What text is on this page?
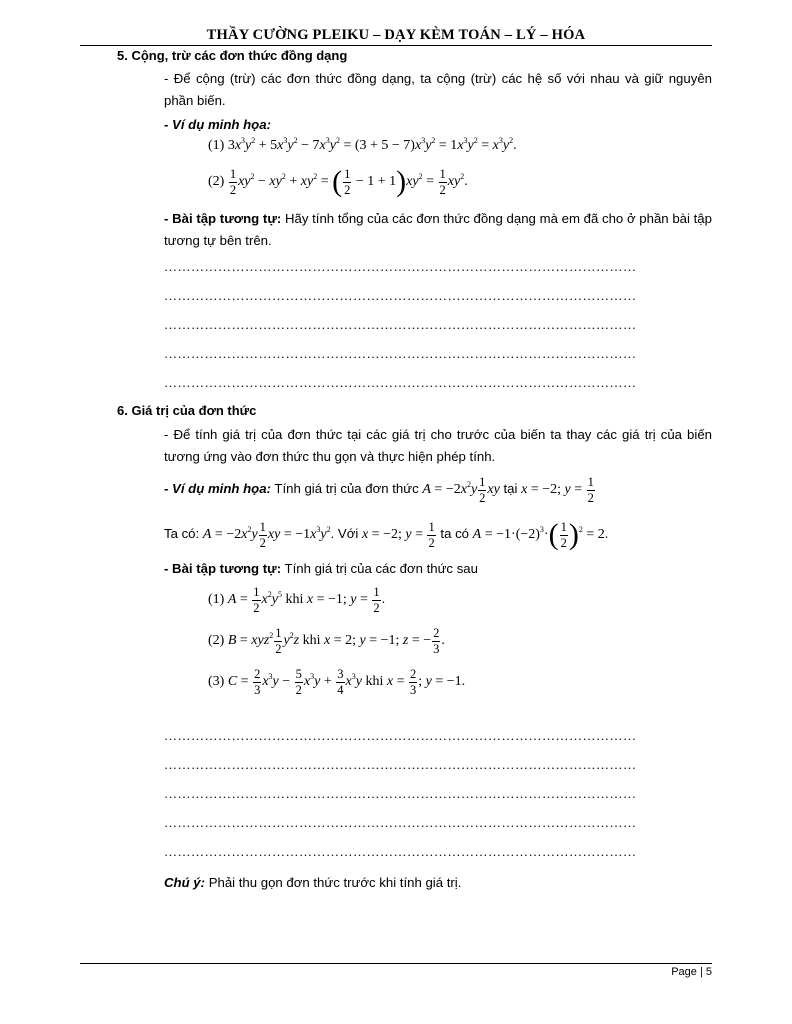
THẦY CƯỜNG PLEIKU – DẠY KÈM TOÁN – LÝ – HÓA
5. Cộng, trừ các đơn thức đồng dạng
- Để cộng (trừ) các đơn thức đồng dạng, ta cộng (trừ) các hệ số với nhau và giữ nguyên phần biến.
- Ví dụ minh họa:
(1) $3x^3y^2 + 5x^3y^2 - 7x^3y^2 = (3 + 5 - 7)x^3y^2 = 1x^3y^2 = x^3y^2$.
$(2) \frac{1}{2} xy^2 - xy^2 + xy^2$ = ( $\frac{1}{2} - 1 + 1)xy^2 = \frac{1}{2} xy^2$.
- Bài tập tương tự: Hãy tính tổng của các đơn thức đồng dạng mà em đã cho ở phần bài tập tương tự bên trên.
……………………………………………………………………………………………
……………………………………………………………………………………………
……………………………………………………………………………………………
……………………………………………………………………………………………
……………………………………………………………………………………………
6. Giá trị của đơn thức
- Để tính giá trị của đơn thức tại các giá trị cho trước của biến ta thay các giá trị của biến tương ứng vào đơn thức thu gọn và thực hiện phép tính.
- Ví dụ minh họa: Tính giá trị của đơn thức $A = -2x^2y \frac{1}{2}$ xy tại x = −2; $y = \frac{1}{2}$
Ta có: $A = -2x^2y \frac{1}{2}$ xy = $-1x^3y^2$. Với x = −2; $y = \frac{1}{2}$ ta có $A = -1\cdot(-2)^3\cdot( \frac{1}{2} )^2 = 2$.
- Bài tập tương tự: Tính giá trị của các đơn thức sau
(1) $A = \frac{1}{2} x^2y^5$ khi x = −1; $y = \frac{1}{2}$ .
(2) $B = xyz^2 \frac{1}{2} y^2z$ khi x = 2; y = −1; z = − $\frac{2}{3}$ .
(3) $C = \frac{2}{3} x^3y - \frac{5}{2} x^3y + \frac{3}{4} x^3y$ khi $x = \frac{2}{3}$ ; y = −1.
……………………………………………………………………………………………
……………………………………………………………………………………………
……………………………………………………………………………………………
……………………………………………………………………………………………
……………………………………………………………………………………………
Chú ý: Phải thu gọn đơn thức trước khi tính giá trị.
Page | 5
